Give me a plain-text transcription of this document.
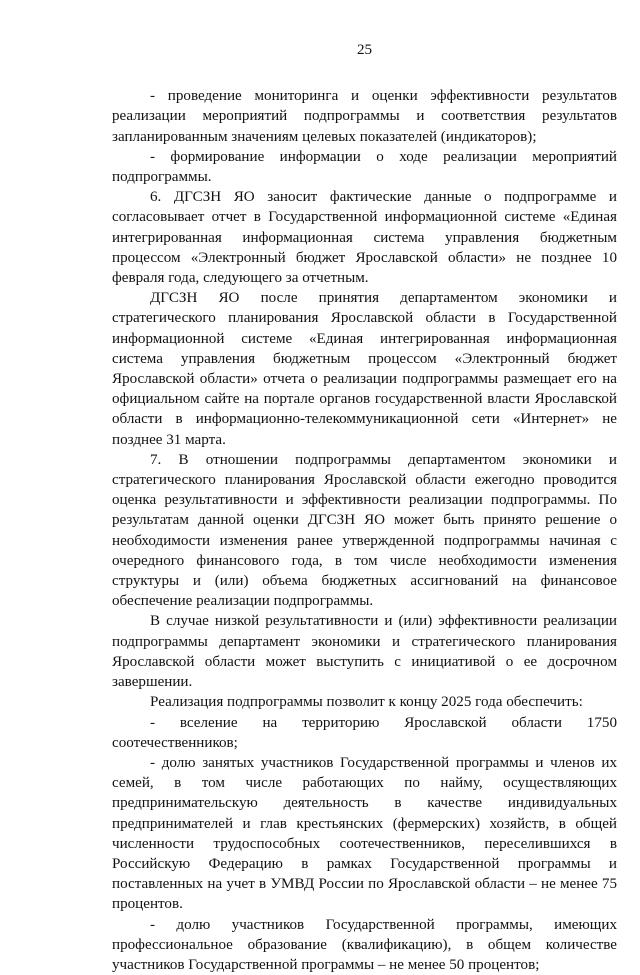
25

- проведение мониторинга и оценки эффективности результатов реализации мероприятий подпрограммы и соответствия результатов запланированным значениям целевых показателей (индикаторов);

- формирование информации о ходе реализации мероприятий подпрограммы.

6. ДГСЗН ЯО заносит фактические данные о подпрограмме и согласовывает отчет в Государственной информационной системе «Единая интегрированная информационная система управления бюджетным процессом «Электронный бюджет Ярославской области» не позднее 10 февраля года, следующего за отчетным.

ДГСЗН ЯО после принятия департаментом экономики и стратегического планирования Ярославской области в Государственной информационной системе «Единая интегрированная информационная система управления бюджетным процессом «Электронный бюджет Ярославской области» отчета о реализации подпрограммы размещает его на официальном сайте на портале органов государственной власти Ярославской области в информационно-телекоммуникационной сети «Интернет» не позднее 31 марта.

7. В отношении подпрограммы департаментом экономики и стратегического планирования Ярославской области ежегодно проводится оценка результативности и эффективности реализации подпрограммы. По результатам данной оценки ДГСЗН ЯО может быть принято решение о необходимости изменения ранее утвержденной подпрограммы начиная с очередного финансового года, в том числе необходимости изменения структуры и (или) объема бюджетных ассигнований на финансовое обеспечение реализации подпрограммы.

В случае низкой результативности и (или) эффективности реализации подпрограммы департамент экономики и стратегического планирования Ярославской области может выступить с инициативой о ее досрочном завершении.

Реализация подпрограммы позволит к концу 2025 года обеспечить:

- вселение на территорию Ярославской области 1750 соотечественников;

- долю занятых участников Государственной программы и членов их семей, в том числе работающих по найму, осуществляющих предпринимательскую деятельность в качестве индивидуальных предпринимателей и глав крестьянских (фермерских) хозяйств, в общей численности трудоспособных соотечественников, переселившихся в Российскую Федерацию в рамках Государственной программы и поставленных на учет в УМВД России по Ярославской области – не менее 75 процентов.

- долю участников Государственной программы, имеющих профессиональное образование (квалификацию), в общем количестве участников Государственной программы – не менее 50 процентов;
